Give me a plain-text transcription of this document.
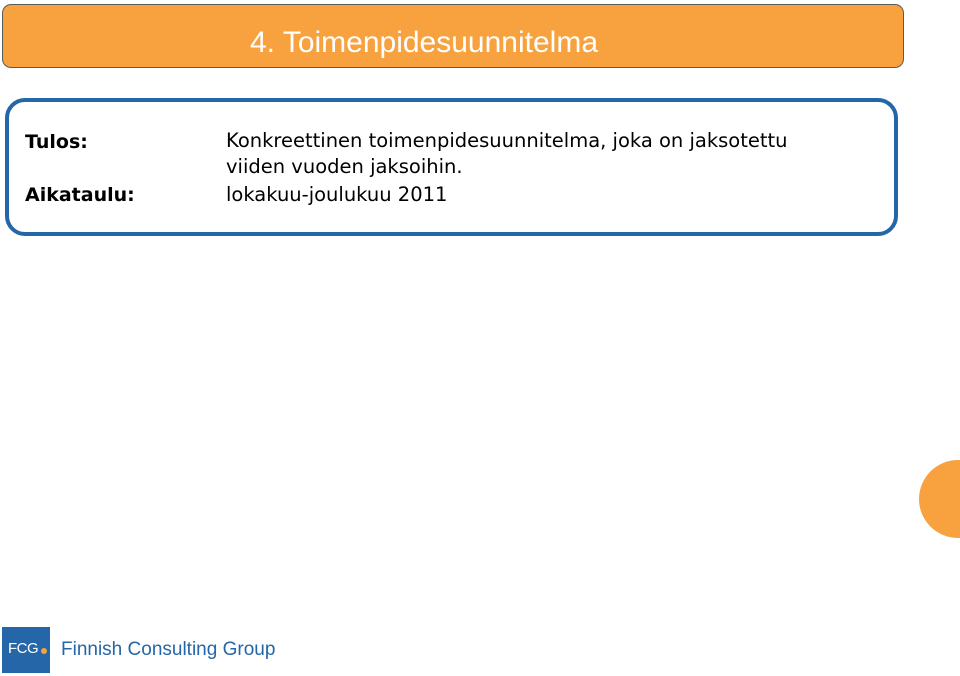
4. Toimenpidesuunnitelma
Tulos:	Konkreettinen toimenpidesuunnitelma, joka on jaksotettu
viiden vuoden jaksoihin.
Aikataulu:	lokakuu-joulukuu 2011
FCG Finnish Consulting Group
